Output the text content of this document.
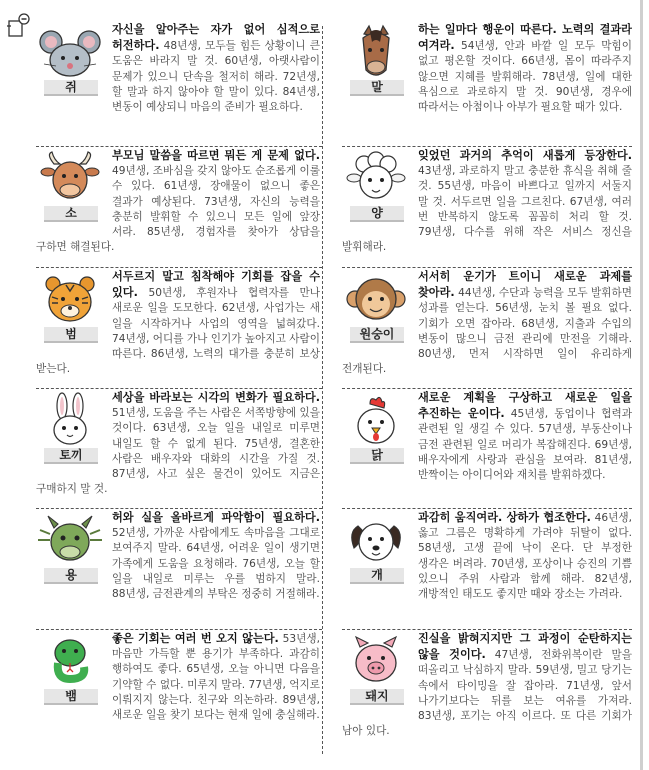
쥐

자신을 알아주는 자가 없어 심적으로 허전하다. 48년생, 모두들 힘든 상황이니 큰 도움은 바라지 말 것. 60년생, 아랫사람이 문제가 있으니 단속을 철저히 해라. 72년생, 할 말과 하지 않아야 할 말이 있다. 84년생, 변동이 예상되니 마음의 준비가 필요하다.

말

하는 일마다 행운이 따른다. 노력의 결과라 여겨라. 54년생, 안과 바깥 일 모두 막힘이 없고 평온할 것이다. 66년생, 몸이 따라주지 않으면 지혜를 발휘해라. 78년생, 일에 대한 욕심으로 과로하지 말 것. 90년생, 경우에 따라서는 아첨이나 아부가 필요할 때가 있다.

소

부모님 말씀을 따르면 뭐든 게 문제 없다. 49년생, 조바심을 갖지 않아도 순조롭게 이룰 수 있다. 61년생, 장애물이 없으니 좋은 결과가 예상된다. 73년생, 자신의 능력을 충분히 발휘할 수 있으니 모든 일에 앞장 서라. 85년생, 경험자를 찾아가 상담을 구하면 해결된다.

양

잊었던 과거의 추억이 새롭게 등장한다. 43년생, 과로하지 말고 충분한 휴식을 취해 줄 것. 55년생, 마음이 바쁘다고 일까지 서둘지 말 것. 서두르면 일을 그르친다. 67년생, 여러 번 반복하지 않도록 꼼꼼히 처리 할 것. 79년생, 다수를 위해 작은 서비스 정신을 발휘해라.

범

서두르지 말고 침착해야 기회를 잡을 수 있다. 50년생, 후원자나 협력자를 만나 새로운 일을 도모한다. 62년생, 사업가는 새 일을 시작하거나 사업의 영역을 넓혀갔다. 74년생, 어디를 가나 인기가 높아지고 사람이 따른다. 86년생, 노력의 대가를 충분히 보상 받는다.

원숭이

서서히 운기가 트이니 새로운 과제를 찾아라. 44년생, 수단과 능력을 모두 발휘하면 성과를 얻는다. 56년생, 눈치 볼 필요 없다. 기회가 오면 잡아라. 68년생, 지출과 수입의 변동이 많으니 금전 관리에 만전을 기해라. 80년생, 먼저 시작하면 일이 유리하게 전개된다.

토끼

세상을 바라보는 시각의 변화가 필요하다. 51년생, 도움을 주는 사람은 서쪽방향에 있을 것이다. 63년생, 오늘 일을 내일로 미루면 내일도 할 수 없게 된다. 75년생, 결혼한 사람은 배우자와 대화의 시간을 가질 것. 87년생, 사고 싶은 물건이 있어도 지금은 구매하지 말 것.

닭

새로운 계획을 구상하고 새로운 일을 추진하는 운이다. 45년생, 동업이나 협력과 관련된 일 생길 수 있다. 57년생, 부동산이나 금전 관련된 일로 머리가 복잡해진다. 69년생, 배우자에게 사랑과 관심을 보여라. 81년생, 반짝이는 아이디어와 재치를 발휘하겠다.

용

허와 실을 올바르게 파악함이 필요하다. 52년생, 가까운 사람에게도 속마음을 그대로 보여주지 말라. 64년생, 어려운 일이 생기면 가족에게 도움을 요청해라. 76년생, 오늘 할 일을 내일로 미루는 우를 범하지 말라. 88년생, 금전관계의 부탁은 정중히 거절해라.

개

과감히 움직여라. 상하가 협조한다. 46년생, 옳고 그름은 명확하게 가려야 뒤탈이 없다. 58년생, 고생 끝에 낙이 온다. 단 부정한 생각은 버려라. 70년생, 포상이나 승진의 기쁨 있으니 주위 사람과 함께 해라. 82년생, 개방적인 태도도 좋지만 때와 장소는 가려라.

뱀

좋은 기회는 여러 번 오지 않는다. 53년생, 마음만 가득할 뿐 용기가 부족하다. 과감히 행하여도 좋다. 65년생, 오늘 아니면 다음을 기약할 수 없다. 미루지 말라. 77년생, 억지로 이뤄지지 않는다. 친구와 의논하라. 89년생, 새로운 일을 찾기 보다는 현재 일에 충실해라.

돼지

진실을 밝혀지지만 그 과정이 순탄하지는 않을 것이다. 47년생, 전화위복이란 말을 떠올리고 낙심하지 말라. 59년생, 밀고 당기는 속에서 타이밍을 잘 잡아라. 71년생, 앞서 나가기보다는 뒤를 보는 여유를 가져라. 83년생, 포기는 아직 이르다. 또 다른 기회가 남아 있다.
